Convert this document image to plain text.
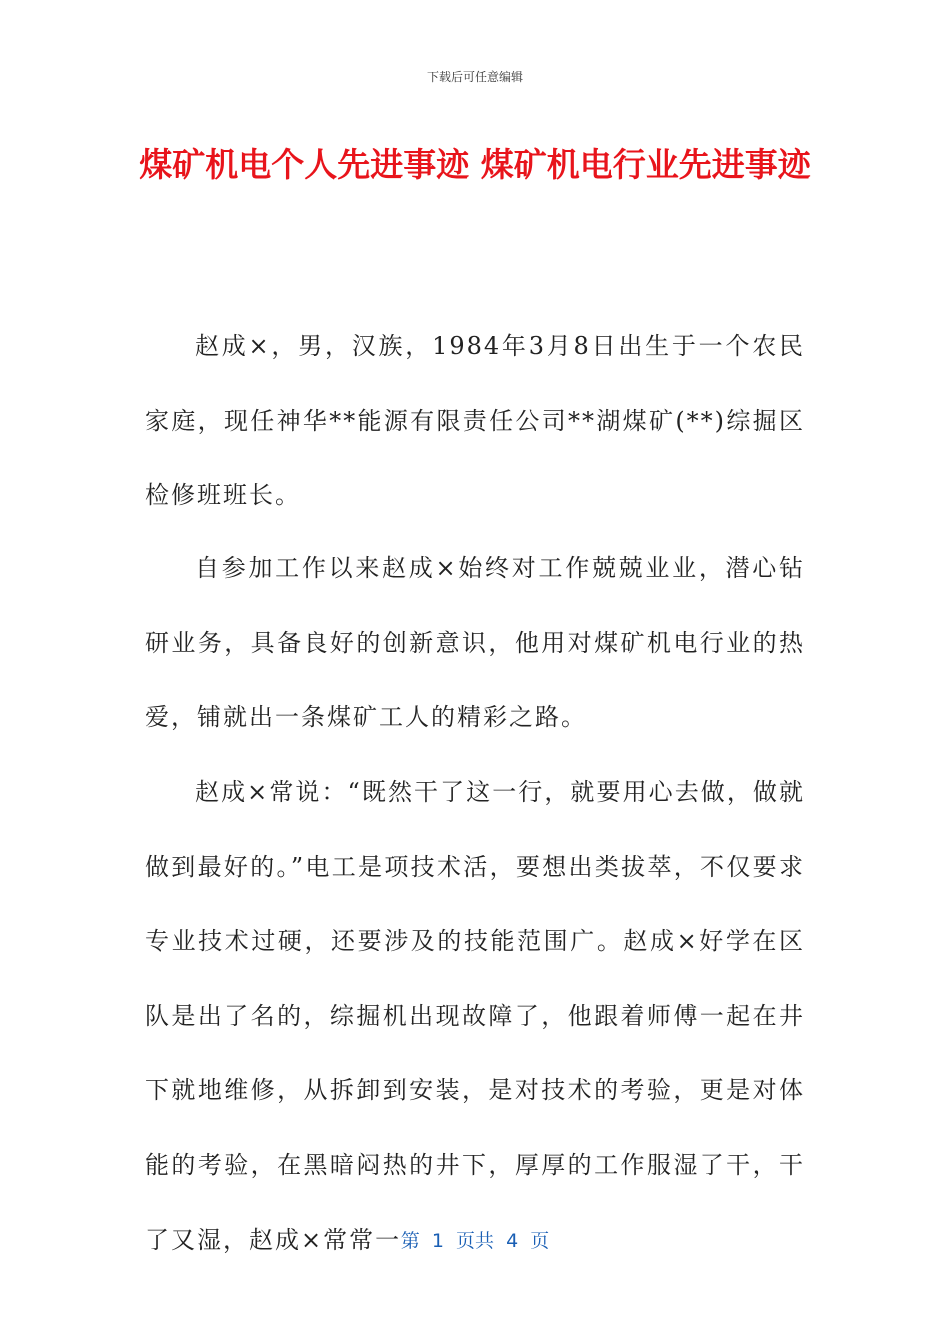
下载后可任意编辑
煤矿机电个人先进事迹 煤矿机电行业先进事迹
赵成×，男，汉族，1984年3月8日出生于一个农民家庭，现任神华**能源有限责任公司**湖煤矿(**)综掘区检修班班长。
自参加工作以来赵成×始终对工作兢兢业业，潜心钻研业务，具备良好的创新意识，他用对煤矿机电行业的热爱，铺就出一条煤矿工人的精彩之路。
赵成×常说：“既然干了这一行，就要用心去做，做就做到最好的。”电工是项技术活，要想出类拔萃，不仅要求专业技术过硬，还要涉及的技能范围广。赵成×好学在区队是出了名的，综掘机出现故障了，他跟着师傅一起在井下就地维修，从拆卸到安装，是对技术的考验，更是对体能的考验，在黑暗闷热的井下，厚厚的工作服湿了干，干了又湿，赵成×常常一 第  1  页共  4  页
